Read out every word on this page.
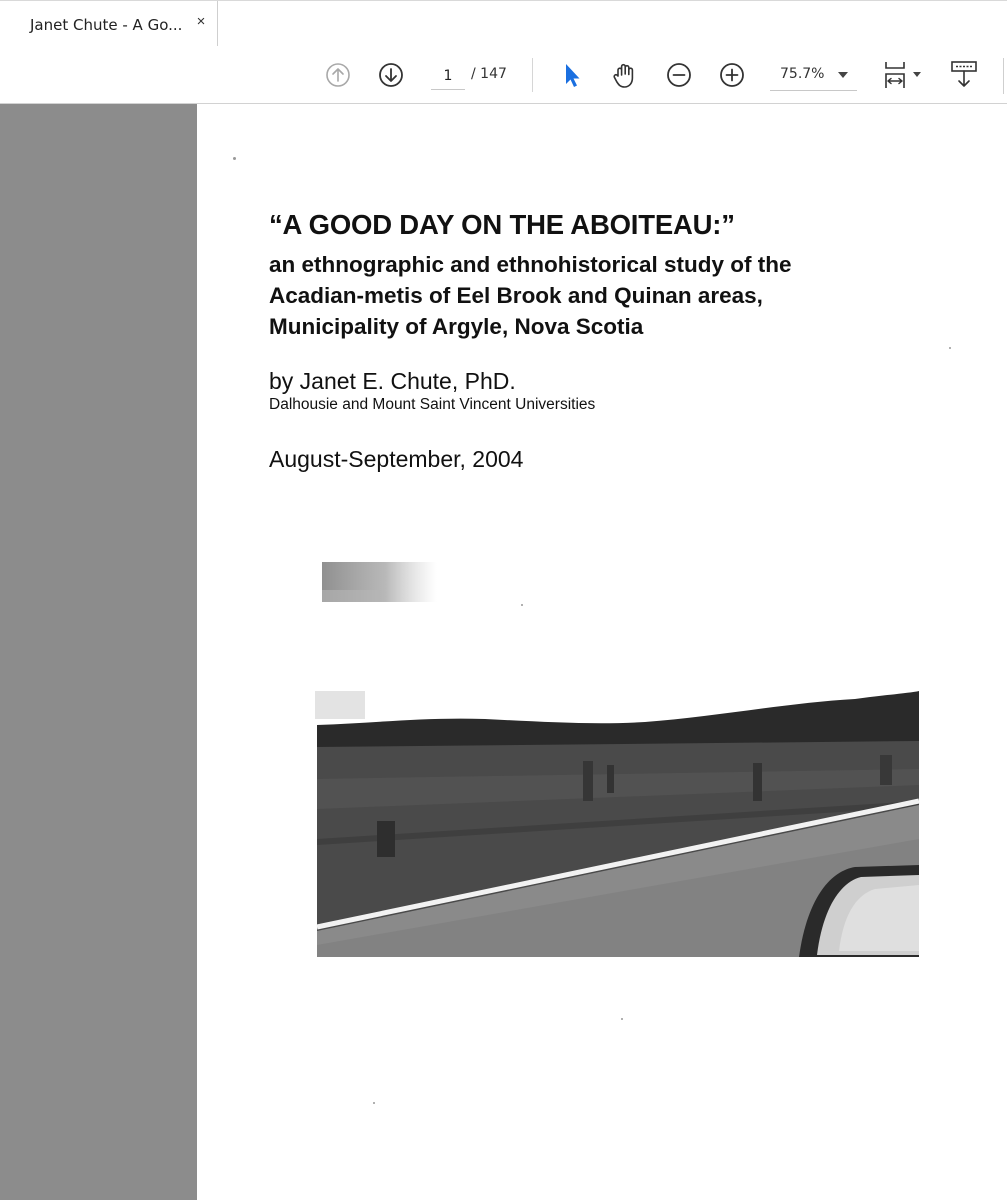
Janet Chute - A Go... ×
1
/ 147	75.7%
“A GOOD DAY ON THE ABOITEAU:”
an ethnographic and ethnohistorical study of the
Acadian-metis of Eel Brook and Quinan areas,
Municipality of Argyle, Nova Scotia
by Janet E. Chute, PhD.
Dalhousie and Mount Saint Vincent Universities
August-September, 2004
